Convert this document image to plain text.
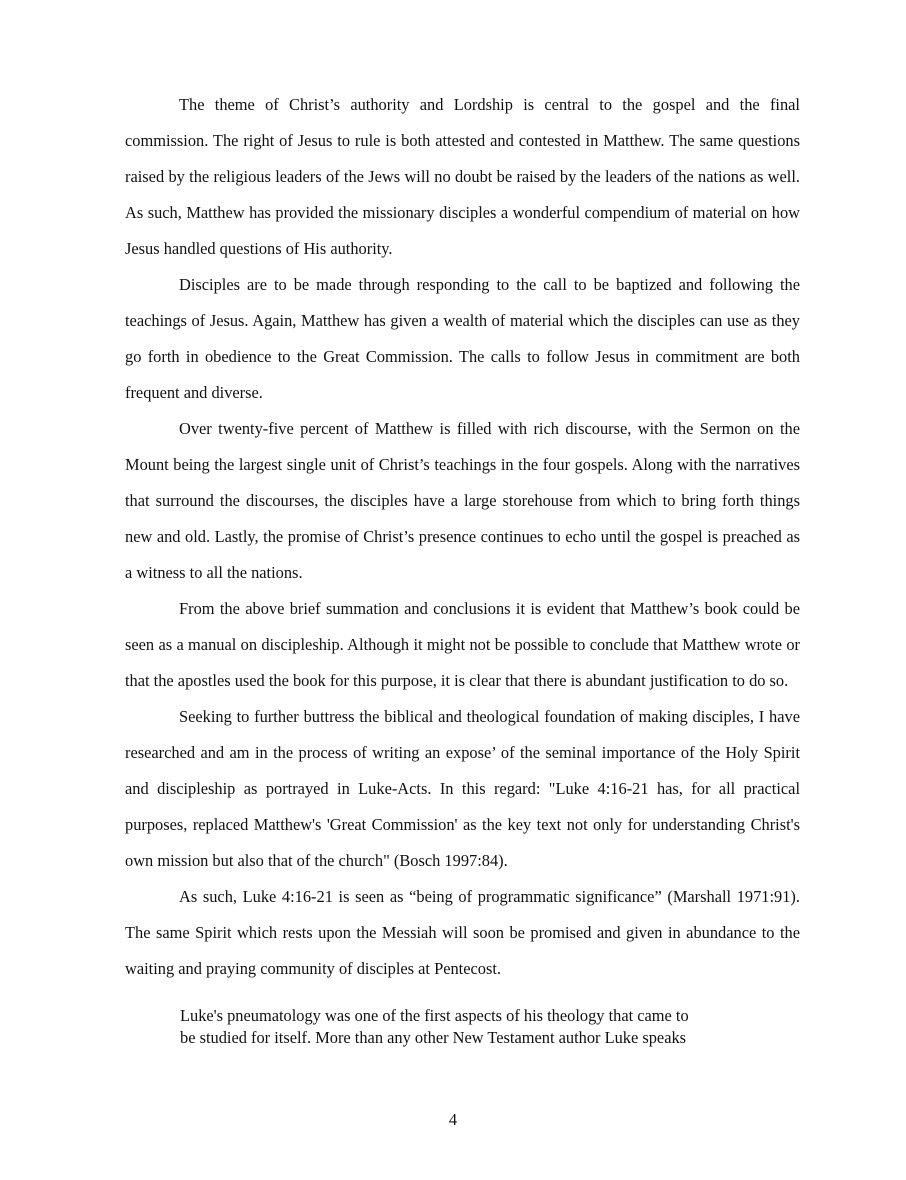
The theme of Christ’s authority and Lordship is central to the gospel and the final commission. The right of Jesus to rule is both attested and contested in Matthew. The same questions raised by the religious leaders of the Jews will no doubt be raised by the leaders of the nations as well. As such, Matthew has provided the missionary disciples a wonderful compendium of material on how Jesus handled questions of His authority.

Disciples are to be made through responding to the call to be baptized and following the teachings of Jesus. Again, Matthew has given a wealth of material which the disciples can use as they go forth in obedience to the Great Commission. The calls to follow Jesus in commitment are both frequent and diverse.

Over twenty-five percent of Matthew is filled with rich discourse, with the Sermon on the Mount being the largest single unit of Christ’s teachings in the four gospels. Along with the narratives that surround the discourses, the disciples have a large storehouse from which to bring forth things new and old. Lastly, the promise of Christ’s presence continues to echo until the gospel is preached as a witness to all the nations.

From the above brief summation and conclusions it is evident that Matthew’s book could be seen as a manual on discipleship. Although it might not be possible to conclude that Matthew wrote or that the apostles used the book for this purpose, it is clear that there is abundant justification to do so.

Seeking to further buttress the biblical and theological foundation of making disciples, I have researched and am in the process of writing an expose’ of the seminal importance of the Holy Spirit and discipleship as portrayed in Luke-Acts. In this regard: "Luke 4:16-21 has, for all practical purposes, replaced Matthew's 'Great Commission' as the key text not only for understanding Christ's own mission but also that of the church" (Bosch 1997:84).

As such, Luke 4:16-21 is seen as “being of programmatic significance” (Marshall 1971:91). The same Spirit which rests upon the Messiah will soon be promised and given in abundance to the waiting and praying community of disciples at Pentecost.

Luke's pneumatology was one of the first aspects of his theology that came to
be studied for itself. More than any other New Testament author Luke speaks
4
